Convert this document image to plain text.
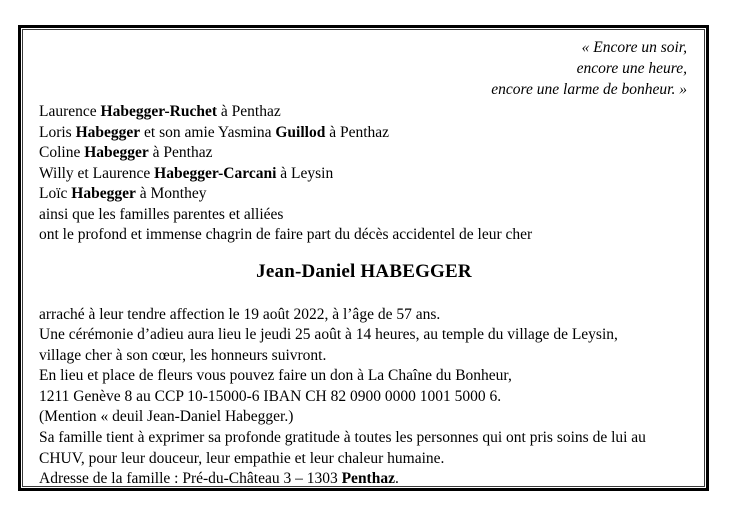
« Encore un soir,
encore une heure,
encore une larme de bonheur. »
Laurence Habegger-Ruchet à Penthaz
Loris Habegger et son amie Yasmina Guillod à Penthaz
Coline Habegger à Penthaz
Willy et Laurence Habegger-Carcani à Leysin
Loïc Habegger à Monthey
ainsi que les familles parentes et alliées
ont le profond et immense chagrin de faire part du décès accidentel de leur cher
Jean-Daniel HABEGGER
arraché à leur tendre affection le 19 août 2022, à l’âge de 57 ans.
Une cérémonie d’adieu aura lieu le jeudi 25 août à 14 heures, au temple du village de Leysin,
village cher à son cœur, les honneurs suivront.
En lieu et place de fleurs vous pouvez faire un don à La Chaîne du Bonheur,
1211 Genève 8 au CCP 10-15000-6 IBAN CH 82 0900 0000 1001 5000 6.
(Mention « deuil Jean-Daniel Habegger.)
Sa famille tient à exprimer sa profonde gratitude à toutes les personnes qui ont pris soins de lui au
CHUV, pour leur douceur, leur empathie et leur chaleur humaine.
Adresse de la famille : Pré-du-Château 3 – 1303 Penthaz.
